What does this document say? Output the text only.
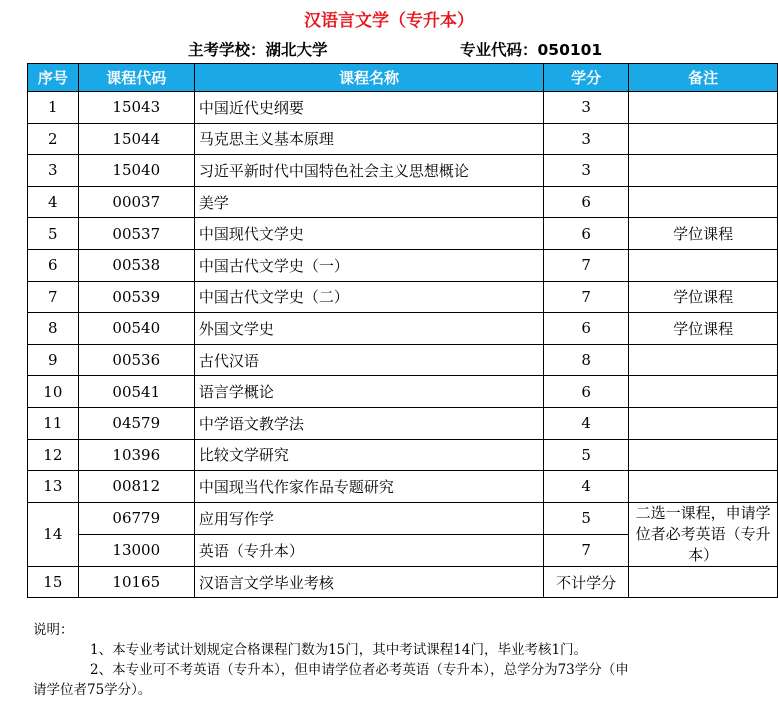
汉语言文学（专升本）
主考学校：湖北大学	专业代码：050101
序号	课程代码	课程名称	学分	备注
1	15043	中国近代史纲要	3	
2	15044	马克思主义基本原理	3	
3	15040	习近平新时代中国特色社会主义思想概论	3	
4	00037	美学	6	
5	00537	中国现代文学史	6	学位课程
6	00538	中国古代文学史（一）	7	
7	00539	中国古代文学史（二）	7	学位课程
8	00540	外国文学史	6	学位课程
9	00536	古代汉语	8	
10	00541	语言学概论	6	
11	04579	中学语文教学法	4	
12	10396	比较文学研究	5	
13	00812	中国现当代作家作品专题研究	4	
14	06779	应用写作学	5	二选一课程，申请学位者必考英语（专升本）
	13000	英语（专升本）	7	
15	10165	汉语言文学毕业考核	不计学分	
说明：
1、本专业考试计划规定合格课程门数为15门，其中考试课程14门，毕业考核1门。
2、本专业可不考英语（专升本），但申请学位者必考英语（专升本），总学分为73学分（申
请学位者75学分）。
